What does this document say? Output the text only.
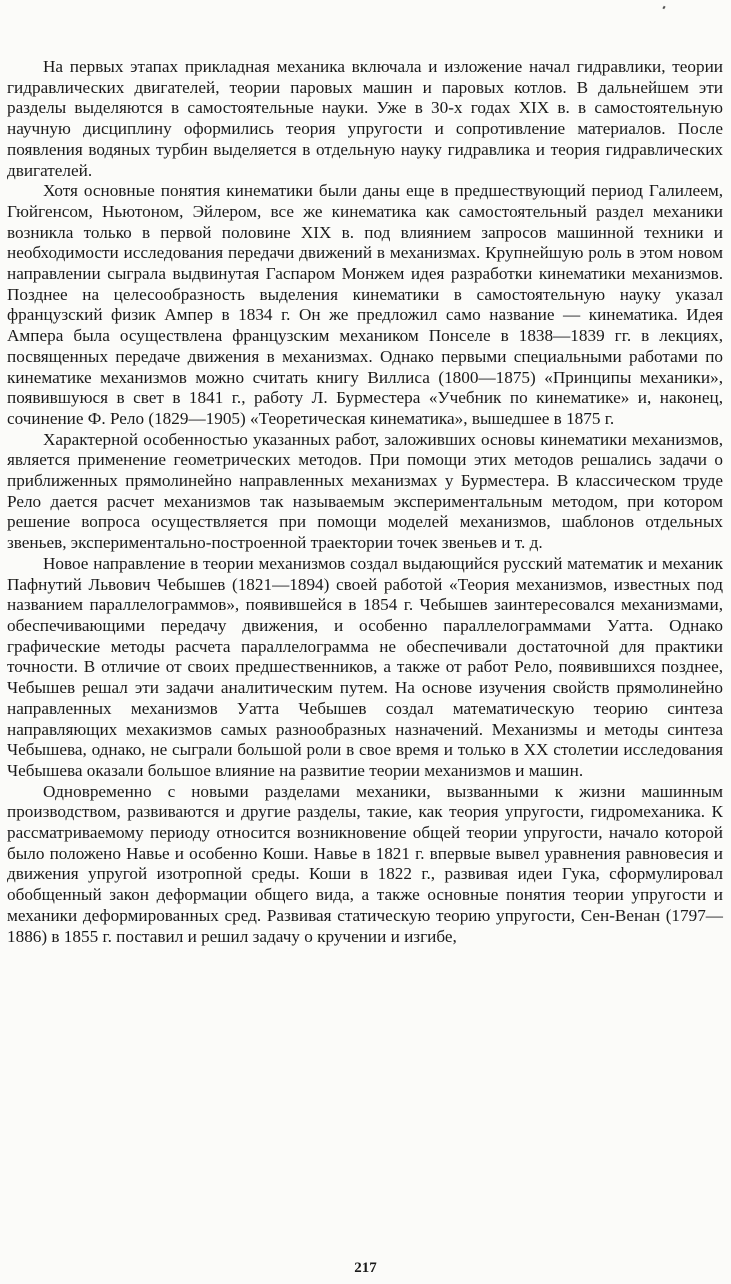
На первых этапах прикладная механика включала и изложение начал гидравлики, теории гидравлических двигателей, теории паровых машин и паровых котлов. В дальнейшем эти разделы выделяются в самостоятельные науки. Уже в 30-х годах XIX в. в самостоятельную научную дисциплину оформились теория упругости и сопротивление материалов. После появления водяных турбин выделяется в отдельную науку гидравлика и теория гидравлических двигателей.

Хотя основные понятия кинематики были даны еще в предшествующий период Галилеем, Гюйгенсом, Ньютоном, Эйлером, все же кинематика как самостоятельный раздел механики возникла только в первой половине XIX в. под влиянием запросов машинной техники и необходимости исследования передачи движений в механизмах. Крупнейшую роль в этом новом направлении сыграла выдвинутая Гаспаром Монжем идея разработки кинематики механизмов. Позднее на целесообразность выделения кинематики в самостоятельную науку указал французский физик Ампер в 1834 г. Он же предложил само название — кинематика. Идея Ампера была осуществлена французским механиком Понселе в 1838—1839 гг. в лекциях, посвященных передаче движения в механизмах. Однако первыми специальными работами по кинематике механизмов можно считать книгу Виллиса (1800—1875) «Принципы механики», появившуюся в свет в 1841 г., работу Л. Бурместера «Учебник по кинематике» и, наконец, сочинение Ф. Рело (1829—1905) «Теоретическая кинематика», вышедшее в 1875 г.

Характерной особенностью указанных работ, заложивших основы кинематики механизмов, является применение геометрических методов. При помощи этих методов решались задачи о приближенных прямолинейно направленных механизмах у Бурместера. В классическом труде Рело дается расчет механизмов так называемым экспериментальным методом, при котором решение вопроса осуществляется при помощи моделей механизмов, шаблонов отдельных звеньев, экспериментально-построенной траектории точек звеньев и т. д.

Новое направление в теории механизмов создал выдающийся русский математик и механик Пафнутий Львович Чебышев (1821—1894) своей работой «Теория механизмов, известных под названием параллелограммов», появившейся в 1854 г. Чебышев заинтересовался механизмами, обеспечивающими передачу движения, и особенно параллелограммами Уатта. Однако графические методы расчета параллелограмма не обеспечивали достаточной для практики точности. В отличие от своих предшественников, а также от работ Рело, появившихся позднее, Чебышев решал эти задачи аналитическим путем. На основе изучения свойств прямолинейно направленных механизмов Уатта Чебышев создал математическую теорию синтеза направляющих мехакизмов самых разнообразных назначений. Механизмы и методы синтеза Чебышева, однако, не сыграли большой роли в свое время и только в XX столетии исследования Чебышева оказали большое влияние на развитие теории механизмов и машин.

Одновременно с новыми разделами механики, вызванными к жизни машинным производством, развиваются и другие разделы, такие, как теория упругости, гидромеханика. К рассматриваемому периоду относится возникновение общей теории упругости, начало которой было положено Навье и особенно Коши. Навье в 1821 г. впервые вывел уравнения равновесия и движения упругой изотропной среды. Коши в 1822 г., развивая идеи Гука, сформулировал обобщенный закон деформации общего вида, а также основные понятия теории упругости и механики деформированных сред. Развивая статическую теорию упругости, Сен-Венан (1797—1886) в 1855 г. поставил и решил задачу о кручении и изгибе,

217
